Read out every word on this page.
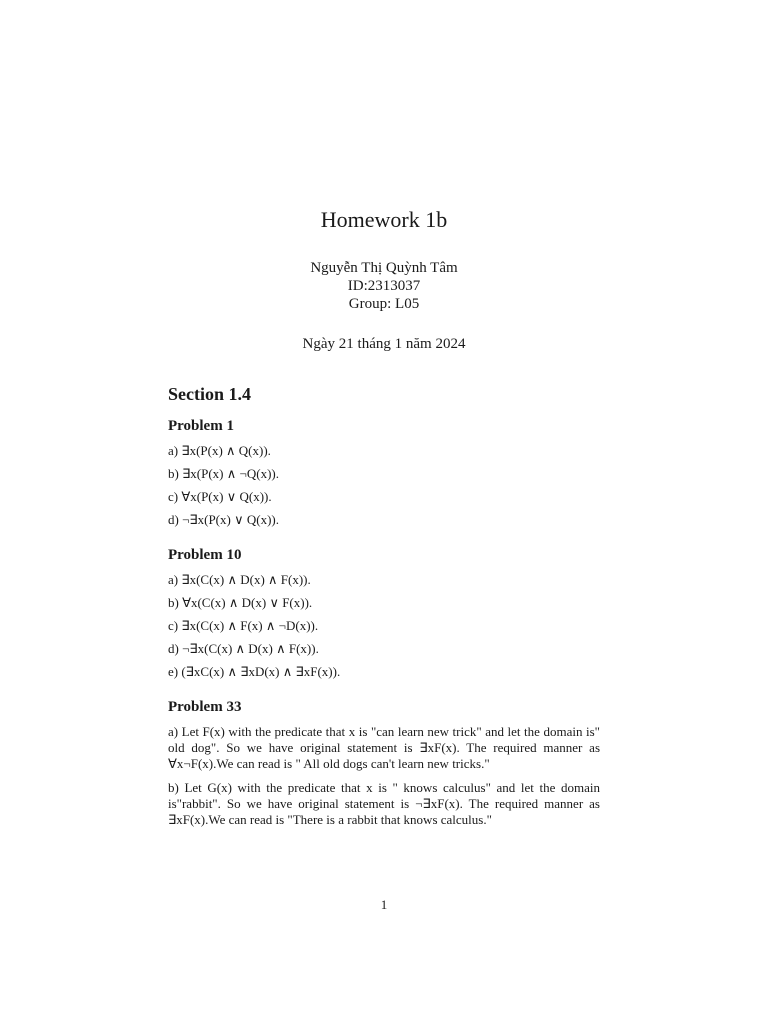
Homework 1b
Nguyễn Thị Quỳnh Tâm
ID:2313037
Group: L05
Ngày 21 tháng 1 năm 2024
Section 1.4
Problem 1
a) ∃x(P(x) ∧ Q(x)).
b) ∃x(P(x) ∧ ¬Q(x)).
c) ∀x(P(x) ∨ Q(x)).
d) ¬∃x(P(x) ∨ Q(x)).
Problem 10
a) ∃x(C(x) ∧ D(x) ∧ F(x)).
b) ∀x(C(x) ∧ D(x) ∨ F(x)).
c) ∃x(C(x) ∧ F(x) ∧ ¬D(x)).
d) ¬∃x(C(x) ∧ D(x) ∧ F(x)).
e) (∃xC(x) ∧ ∃xD(x) ∧ ∃xF(x)).
Problem 33

a) Let F(x) with the predicate that x is "can learn new trick" and let the domain is" old dog". So we have original statement is ∃xF(x). The required manner as ∀x¬F(x).We can read is " All old dogs can't learn new tricks."

b) Let G(x) with the predicate that x is " knows calculus" and let the domain is"rabbit". So we have original statement is ¬∃xF(x). The required manner as ∃xF(x).We can read is "There is a rabbit that knows calculus."

1
